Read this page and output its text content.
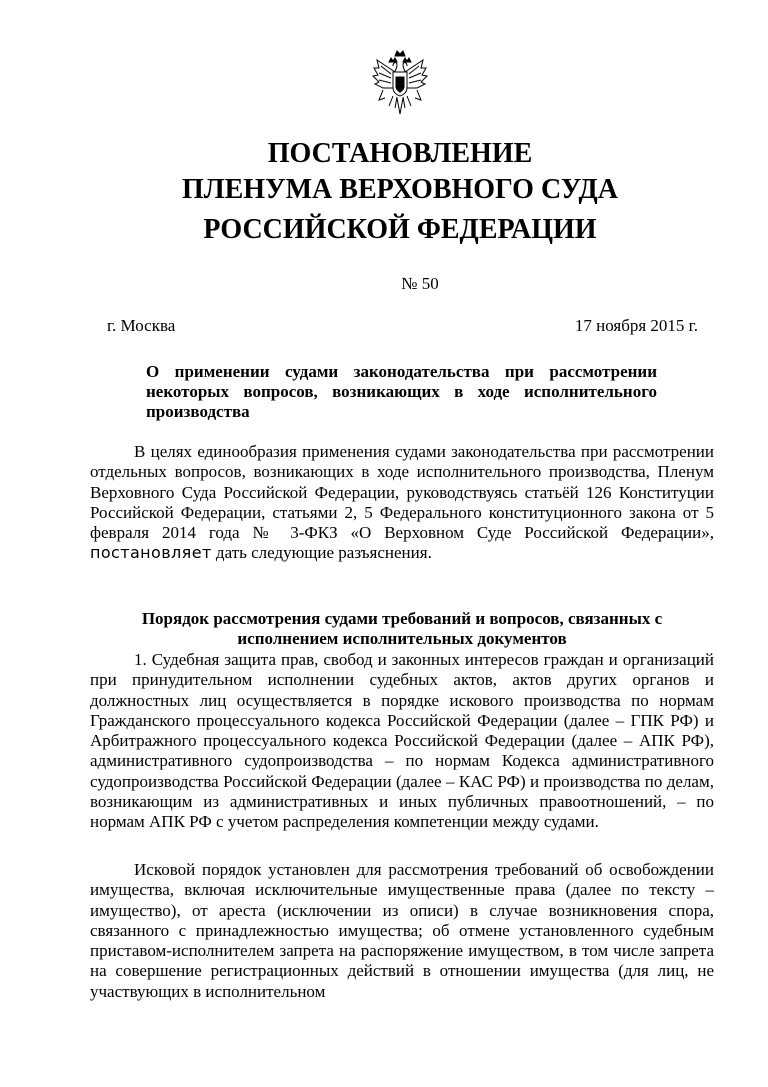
ПОСТАНОВЛЕНИЕ
ПЛЕНУМА ВЕРХОВНОГО СУДА
РОССИЙСКОЙ ФЕДЕРАЦИИ
№ 50
г. Москва	17 ноября 2015 г.
О применении судами законодательства при рассмотрении некоторых вопросов, возникающих в ходе исполнительного производства
В целях единообразия применения судами законодательства при рассмотрении отдельных вопросов, возникающих в ходе исполнительного производства, Пленум Верховного Суда Российской Федерации, руководствуясь статьёй 126 Конституции Российской Федерации, статьями 2, 5 Федерального конституционного закона от 5 февраля 2014 года № 3-ФКЗ «О Верховном Суде Российской Федерации», постановляет дать следующие разъяснения.
Порядок рассмотрения судами требований и вопросов, связанных с исполнением исполнительных документов
1. Судебная защита прав, свобод и законных интересов граждан и организаций при принудительном исполнении судебных актов, актов других органов и должностных лиц осуществляется в порядке искового производства по нормам Гражданского процессуального кодекса Российской Федерации (далее – ГПК РФ) и Арбитражного процессуального кодекса Российской Федерации (далее – АПК РФ), административного судопроизводства – по нормам Кодекса административного судопроизводства Российской Федерации (далее – КАС РФ) и производства по делам, возникающим из административных и иных публичных правоотношений, – по нормам АПК РФ с учетом распределения компетенции между судами.
Исковой порядок установлен для рассмотрения требований об освобождении имущества, включая исключительные имущественные права (далее по тексту – имущество), от ареста (исключении из описи) в случае возникновения спора, связанного с принадлежностью имущества; об отмене установленного судебным приставом-исполнителем запрета на распоряжение имуществом, в том числе запрета на совершение регистрационных действий в отношении имущества (для лиц, не участвующих в исполнительном
